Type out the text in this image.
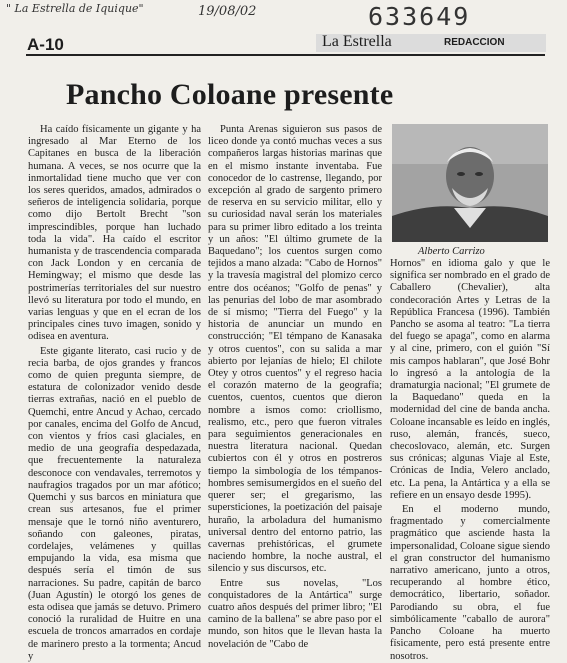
" La Estrella de Iquique"	19/08/02	633649
A-10	La Estrella	REDACCION
Pancho Coloane presente

Ha caído físicamente un gigante y ha ingresado al Mar Eterno de los Capitanes en busca de la liberación humana. A veces, se nos ocurre que la inmortalidad tiene mucho que ver con los seres queridos, amados, admirados o señeros de inteligencia solidaria, porque como dijo Bertolt Brecht "son imprescindibles, porque han luchado toda la vida". Ha caído el escritor humanista y de trascendencia comparada con Jack London y en cercanía de Hemingway; el mismo que desde las postrimerías territoriales del sur nuestro llevó su literatura por todo el mundo, en varias lenguas y que en el ecran de los principales cines tuvo imagen, sonido y odisea en aventura.

Este gigante literato, casi rucio y de recia barba, de ojos grandes y francos como de quien pregunta siempre, de estatura de colonizador venido desde tierras extrañas, nació en el pueblo de Quemchi, entre Ancud y Achao, cercado por canales, encima del Golfo de Ancud, con vientos y fríos casi glaciales, en medio de una geografía despedazada, que frecuentemente la naturaleza desconoce con vendavales, terremotos y naufragios tragados por un mar afótico; Quemchi y sus barcos en miniatura que crean sus artesanos, fue el primer mensaje que le tornó niño aventurero, soñando con galeones, piratas, cordelajes, velámenes y quillas empujando la vida, esa misma que después sería el timón de sus narraciones. Su padre, capitán de barco (Juan Agustín) le otorgó los genes de esta odisea que jamás se detuvo. Primero conoció la ruralidad de Huitre en una escuela de troncos amarrados en cordaje de marinero presto a la tormenta; Ancud y

Punta Arenas siguieron sus pasos de liceo donde ya contó muchas veces a sus compañeros largas historias marinas que en el mismo instante inventaba. Fue conocedor de lo castrense, llegando, por excepción al grado de sargento primero de reserva en su servicio militar, ello y su curiosidad naval serán los materiales para su primer libro editado a los treinta y un años: "El último grumete de la Baquedano"; los cuentos surgen como tejidos a mano alzada: "Cabo de Hornos" y la travesía magistral del plomizo cerco entre dos océanos; "Golfo de penas" y las penurias del lobo de mar asombrado de sí mismo; "Tierra del Fuego" y la historia de anunciar un mundo en construcción; "El témpano de Kanasaka y otros cuentos", con su salida a mar abierto por lejanías de hielo; El chilote Otey y otros cuentos" y el regreso hacia el corazón materno de la geografía; cuentos, cuentos, cuentos que dieron nombre a ismos como: criollismo, realismo, etc., pero que fueron vitrales para seguimientos generacionales en nuestra literatura nacional. Quedan cubiertos con él y otros en postreros tiempo la simbología de los témpanos-hombres semisumergidos en el sueño del querer ser; el gregarismo, las supersticiones, la poetización del paisaje huraño, la arboladura del humanismo universal dentro del entorno patrio, las cavernas prehistóricas, el grumete naciendo hombre, la noche austral, el silencio y sus discursos, etc.

Entre sus novelas, "Los conquistadores de la Antártica" surge cuatro años después del primer libro; "El camino de la ballena" se abre paso por el mundo, son hitos que le llevan hasta la novelación de "Cabo de

Alberto Carrizo

Hornos" en idioma galo y que le significa ser nombrado en el grado de Caballero (Chevalier), alta condecoración Artes y Letras de la República Francesa (1996). También Pancho se asoma al teatro: "La tierra del fuego se apaga", como en alarma y al cine, primero, con el guión "Sí mis campos hablaran", que José Bohr lo ingresó a la antología de la dramaturgia nacional; "El grumete de la Baquedano" queda en la modernidad del cine de banda ancha. Coloane incansable es leído en inglés, ruso, alemán, francés, sueco, checoslovaco, alemán, etc. Surgen sus crónicas; algunas Viaje al Este, Crónicas de India, Velero anclado, etc. La pena, la Antártica y a ella se refiere en un ensayo desde 1995).

En el moderno mundo, fragmentado y comercialmente pragmático que asciende hasta la impersonalidad, Coloane sigue siendo el gran constructor del humanismo narrativo americano, junto a otros, recuperando al hombre ético, democrático, libertario, soñador. Parodiando su obra, el fue simbólicamente "caballo de aurora" Pancho Coloane ha muerto físicamente, pero está presente entre nosotros.
